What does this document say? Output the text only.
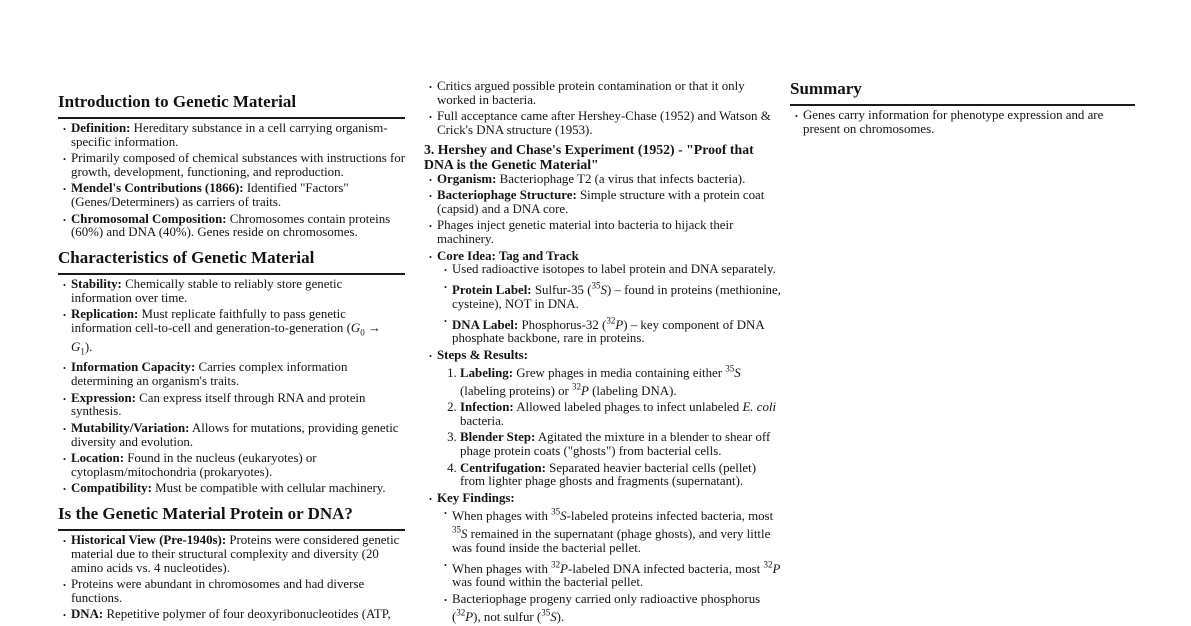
Introduction to Genetic Material
• Definition: Hereditary substance in a cell carrying organism-specific information.
• Primarily composed of chemical substances with instructions for growth, development, functioning, and reproduction.
• Mendel's Contributions (1866): Identified "Factors" (Genes/Determiners) as carriers of traits.
• Chromosomal Composition: Chromosomes contain proteins (60%) and DNA (40%). Genes reside on chromosomes.
Characteristics of Genetic Material
• Stability: Chemically stable to reliably store genetic information over time.
• Replication: Must replicate faithfully to pass genetic information cell-to-cell and generation-to-generation $(G_0 \to G_1)$.
• Information Capacity: Carries complex information determining an organism's traits.
• Expression: Can express itself through RNA and protein synthesis.
• Mutability/Variation: Allows for mutations, providing genetic diversity and evolution.
• Location: Found in the nucleus (eukaryotes) or cytoplasm/mitochondria (prokaryotes).
• Compatibility: Must be compatible with cellular machinery.
Is the Genetic Material Protein or DNA?
• Historical View (Pre-1940s): Proteins were considered genetic material due to their structural complexity and diversity (20 amino acids vs. 4 nucleotides).
• Proteins were abundant in chromosomes and had diverse functions.
• DNA: Repetitive polymer of four deoxyribonucleotides (ATP,
• Critics argued possible protein contamination or that it only worked in bacteria.
• Full acceptance came after Hershey-Chase (1952) and Watson & Crick's DNA structure (1953).
3. Hershey and Chase's Experiment (1952) - "Proof that DNA is the Genetic Material"
• Organism: Bacteriophage T2 (a virus that infects bacteria).
• Bacteriophage Structure: Simple structure with a protein coat (capsid) and a DNA core.
• Phages inject genetic material into bacteria to hijack their machinery.
• Core Idea: Tag and Track
• Used radioactive isotopes to label protein and DNA separately.
• Protein Label: Sulfur-35 ($^{35}$S) – found in proteins (methionine, cysteine), NOT in DNA.
• DNA Label: Phosphorus-32 ($^{32}$P) – key component of DNA phosphate backbone, rare in proteins.
• Steps & Results:
1. Labeling: Grew phages in media containing either $^{35}$S (labeling proteins) or $^{32}$P (labeling DNA).
2. Infection: Allowed labeled phages to infect unlabeled E. coli bacteria.
3. Blender Step: Agitated the mixture in a blender to shear off phage protein coats ("ghosts") from bacterial cells.
4. Centrifugation: Separated heavier bacterial cells (pellet) from lighter phage ghosts and fragments (supernatant).
• Key Findings:
• When phages with $^{35}$S-labeled proteins infected bacteria, most $^{35}$S remained in the supernatant (phage ghosts), and very little was found inside the bacterial pellet.
• When phages with $^{32}$P-labeled DNA infected bacteria, most $^{32}$P was found within the bacterial pellet.
• Bacteriophage progeny carried only radioactive phosphorus ($^{32}$P), not sulfur ($^{35}$S).
Summary
• Genes carry information for phenotype expression and are present on chromosomes.
